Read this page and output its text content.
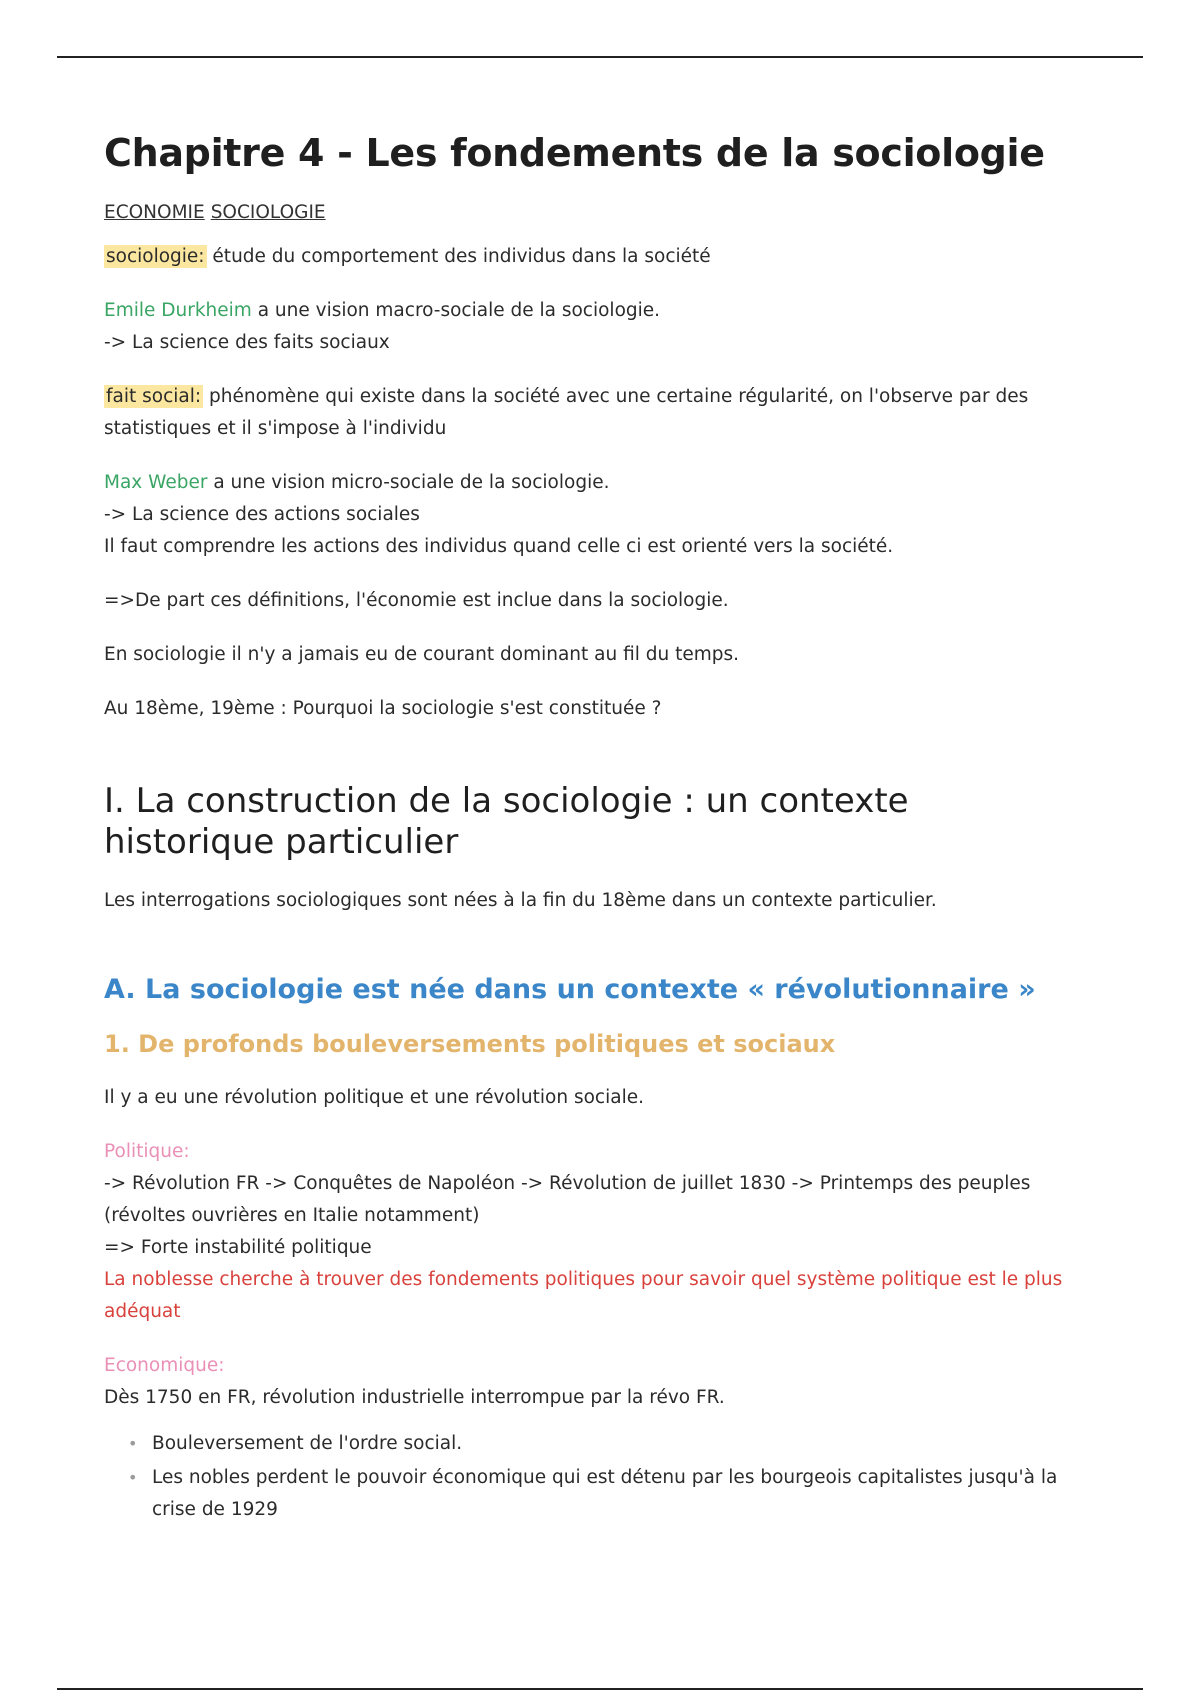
Chapitre 4 - Les fondements de la sociologie
ECONOMIE SOCIOLOGIE

sociologie: étude du comportement des individus dans la société

Emile Durkheim a une vision macro-sociale de la sociologie.

-> La science des faits sociaux

fait social: phénomène qui existe dans la société avec une certaine régularité, on l'observe par des statistiques et il s'impose à l'individu

Max Weber a une vision micro-sociale de la sociologie.

-> La science des actions sociales

Il faut comprendre les actions des individus quand celle ci est orienté vers la société.

=>De part ces définitions, l'économie est inclue dans la sociologie.

En sociologie il n'y a jamais eu de courant dominant au fil du temps.

Au 18ème, 19ème : Pourquoi la sociologie s'est constituée ?

I. La construction de la sociologie : un contexte historique particulier

Les interrogations sociologiques sont nées à la fin du 18ème dans un contexte particulier.

A. La sociologie est née dans un contexte « révolutionnaire »
1. De profonds bouleversements politiques et sociaux

Il y a eu une révolution politique et une révolution sociale.

Politique:

-> Révolution FR -> Conquêtes de Napoléon -> Révolution de juillet 1830 -> Printemps des peuples (révoltes ouvrières en Italie notamment)

=> Forte instabilité politique

La noblesse cherche à trouver des fondements politiques pour savoir quel système politique est le plus adéquat

Economique:

Dès 1750 en FR, révolution industrielle interrompue par la révo FR.

• Bouleversement de l'ordre social.
• Les nobles perdent le pouvoir économique qui est détenu par les bourgeois capitalistes jusqu'à la crise de 1929
